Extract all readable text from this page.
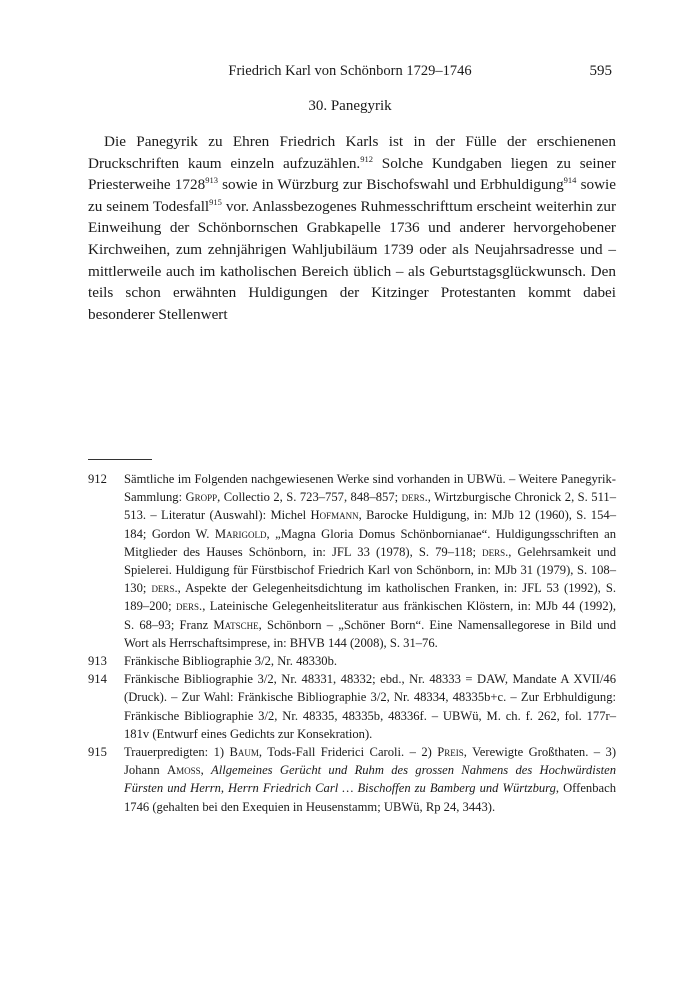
Friedrich Karl von Schönborn 1729–1746	595
30. Panegyrik

Die Panegyrik zu Ehren Friedrich Karls ist in der Fülle der erschienenen Druckschriften kaum einzeln aufzuzählen.$^{912}$ Solche Kundgaben liegen zu seiner Priesterweihe 1728$^{913}$ sowie in Würzburg zur Bischofswahl und Erbhuldigung$^{914}$ sowie zu seinem Todesfall$^{915}$ vor. Anlassbezogenes Ruhmesschrifttum erscheint weiterhin zur Einweihung der Schönbornschen Grabkapelle 1736 und anderer hervorgehobener Kirchweihen, zum zehnjährigen Wahljubiläum 1739 oder als Neujahrsadresse und – mittlerweile auch im katholischen Bereich üblich – als Geburtstagsglückwunsch. Den teils schon erwähnten Huldigungen der Kitzinger Protestanten kommt dabei besonderer Stellenwert

912 Sämtliche im Folgenden nachgewiesenen Werke sind vorhanden in UBWü. – Weitere Panegyrik-Sammlung: Gropp, Collectio 2, S. 723–757, 848–857; ders., Wirtzburgische Chronick 2, S. 511–513. – Literatur (Auswahl): Michel Hofmann, Barocke Huldigung, in: MJb 12 (1960), S. 154–184; Gordon W. Marigold, „Magna Gloria Domus Schönbornianae“. Huldigungsschriften an Mitglieder des Hauses Schönborn, in: JFL 33 (1978), S. 79–118; ders., Gelehrsamkeit und Spielerei. Huldigung für Fürstbischof Friedrich Karl von Schönborn, in: MJb 31 (1979), S. 108–130; ders., Aspekte der Gelegenheitsdichtung im katholischen Franken, in: JFL 53 (1992), S. 189–200; ders., Lateinische Gelegenheitsliteratur aus fränkischen Klöstern, in: MJb 44 (1992), S. 68–93; Franz Matsche, Schönborn – „Schöner Born“. Eine Namensallegorese in Bild und Wort als Herrschaftsimprese, in: BHVB 144 (2008), S. 31–76.
913 Fränkische Bibliographie 3/2, Nr. 48330b.
914 Fränkische Bibliographie 3/2, Nr. 48331, 48332; ebd., Nr. 48333 = DAW, Mandate A XVII/46 (Druck). – Zur Wahl: Fränkische Bibliographie 3/2, Nr. 48334, 48335b+c. – Zur Erbhuldigung: Fränkische Bibliographie 3/2, Nr. 48335, 48335b, 48336f. – UBWü, M. ch. f. 262, fol. 177r–181v (Entwurf eines Gedichts zur Konsekration).
915 Trauerpredigten: 1) Baum, Tods-Fall Friderici Caroli. – 2) Preis, Verewigte Großthaten. – 3) Johann Amoss, Allgemeines Gerücht und Ruhm des grossen Nahmens des Hochwürdisten Fürsten und Herrn, Herrn Friedrich Carl … Bischoffen zu Bamberg und Würtzburg, Offenbach 1746 (gehalten bei den Exequien in Heusenstamm; UBWü, Rp 24, 3443).
